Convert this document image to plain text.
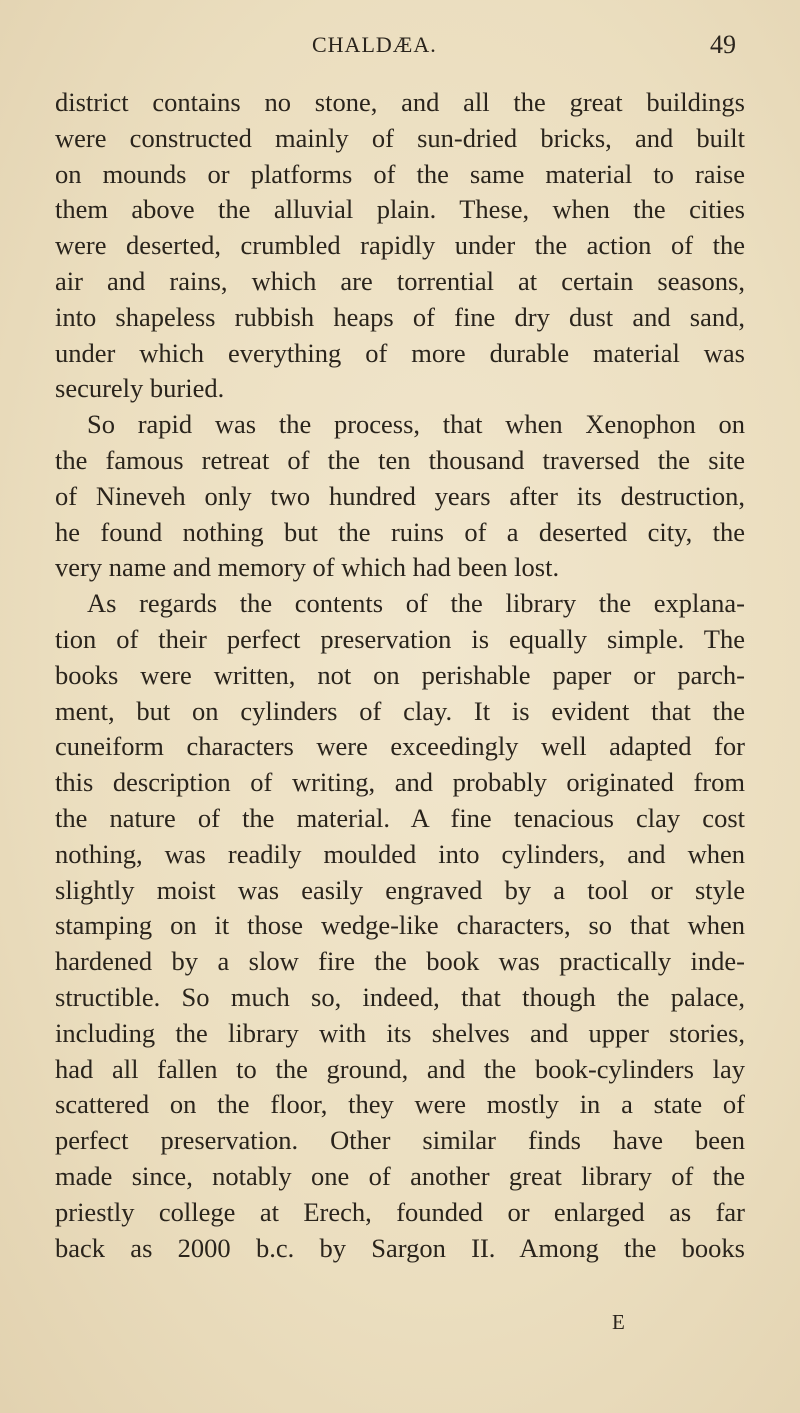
CHALDÆA.	49
district contains no stone, and all the great buildings
were constructed mainly of sun-dried bricks, and built
on mounds or platforms of the same material to raise
them above the alluvial plain. These, when the cities
were deserted, crumbled rapidly under the action of the
air and rains, which are torrential at certain seasons,
into shapeless rubbish heaps of fine dry dust and sand,
under which everything of more durable material was
securely buried.
So rapid was the process, that when Xenophon on
the famous retreat of the ten thousand traversed the site
of Nineveh only two hundred years after its destruction,
he found nothing but the ruins of a deserted city, the
very name and memory of which had been lost.
As regards the contents of the library the explana-
tion of their perfect preservation is equally simple. The
books were written, not on perishable paper or parch-
ment, but on cylinders of clay. It is evident that the
cuneiform characters were exceedingly well adapted for
this description of writing, and probably originated from
the nature of the material. A fine tenacious clay cost
nothing, was readily moulded into cylinders, and when
slightly moist was easily engraved by a tool or style
stamping on it those wedge-like characters, so that when
hardened by a slow fire the book was practically inde-
structible. So much so, indeed, that though the palace,
including the library with its shelves and upper stories,
had all fallen to the ground, and the book-cylinders lay
scattered on the floor, they were mostly in a state of
perfect preservation. Other similar finds have been
made since, notably one of another great library of the
priestly college at Erech, founded or enlarged as far
back as 2000 b.c. by Sargon II. Among the books
E
